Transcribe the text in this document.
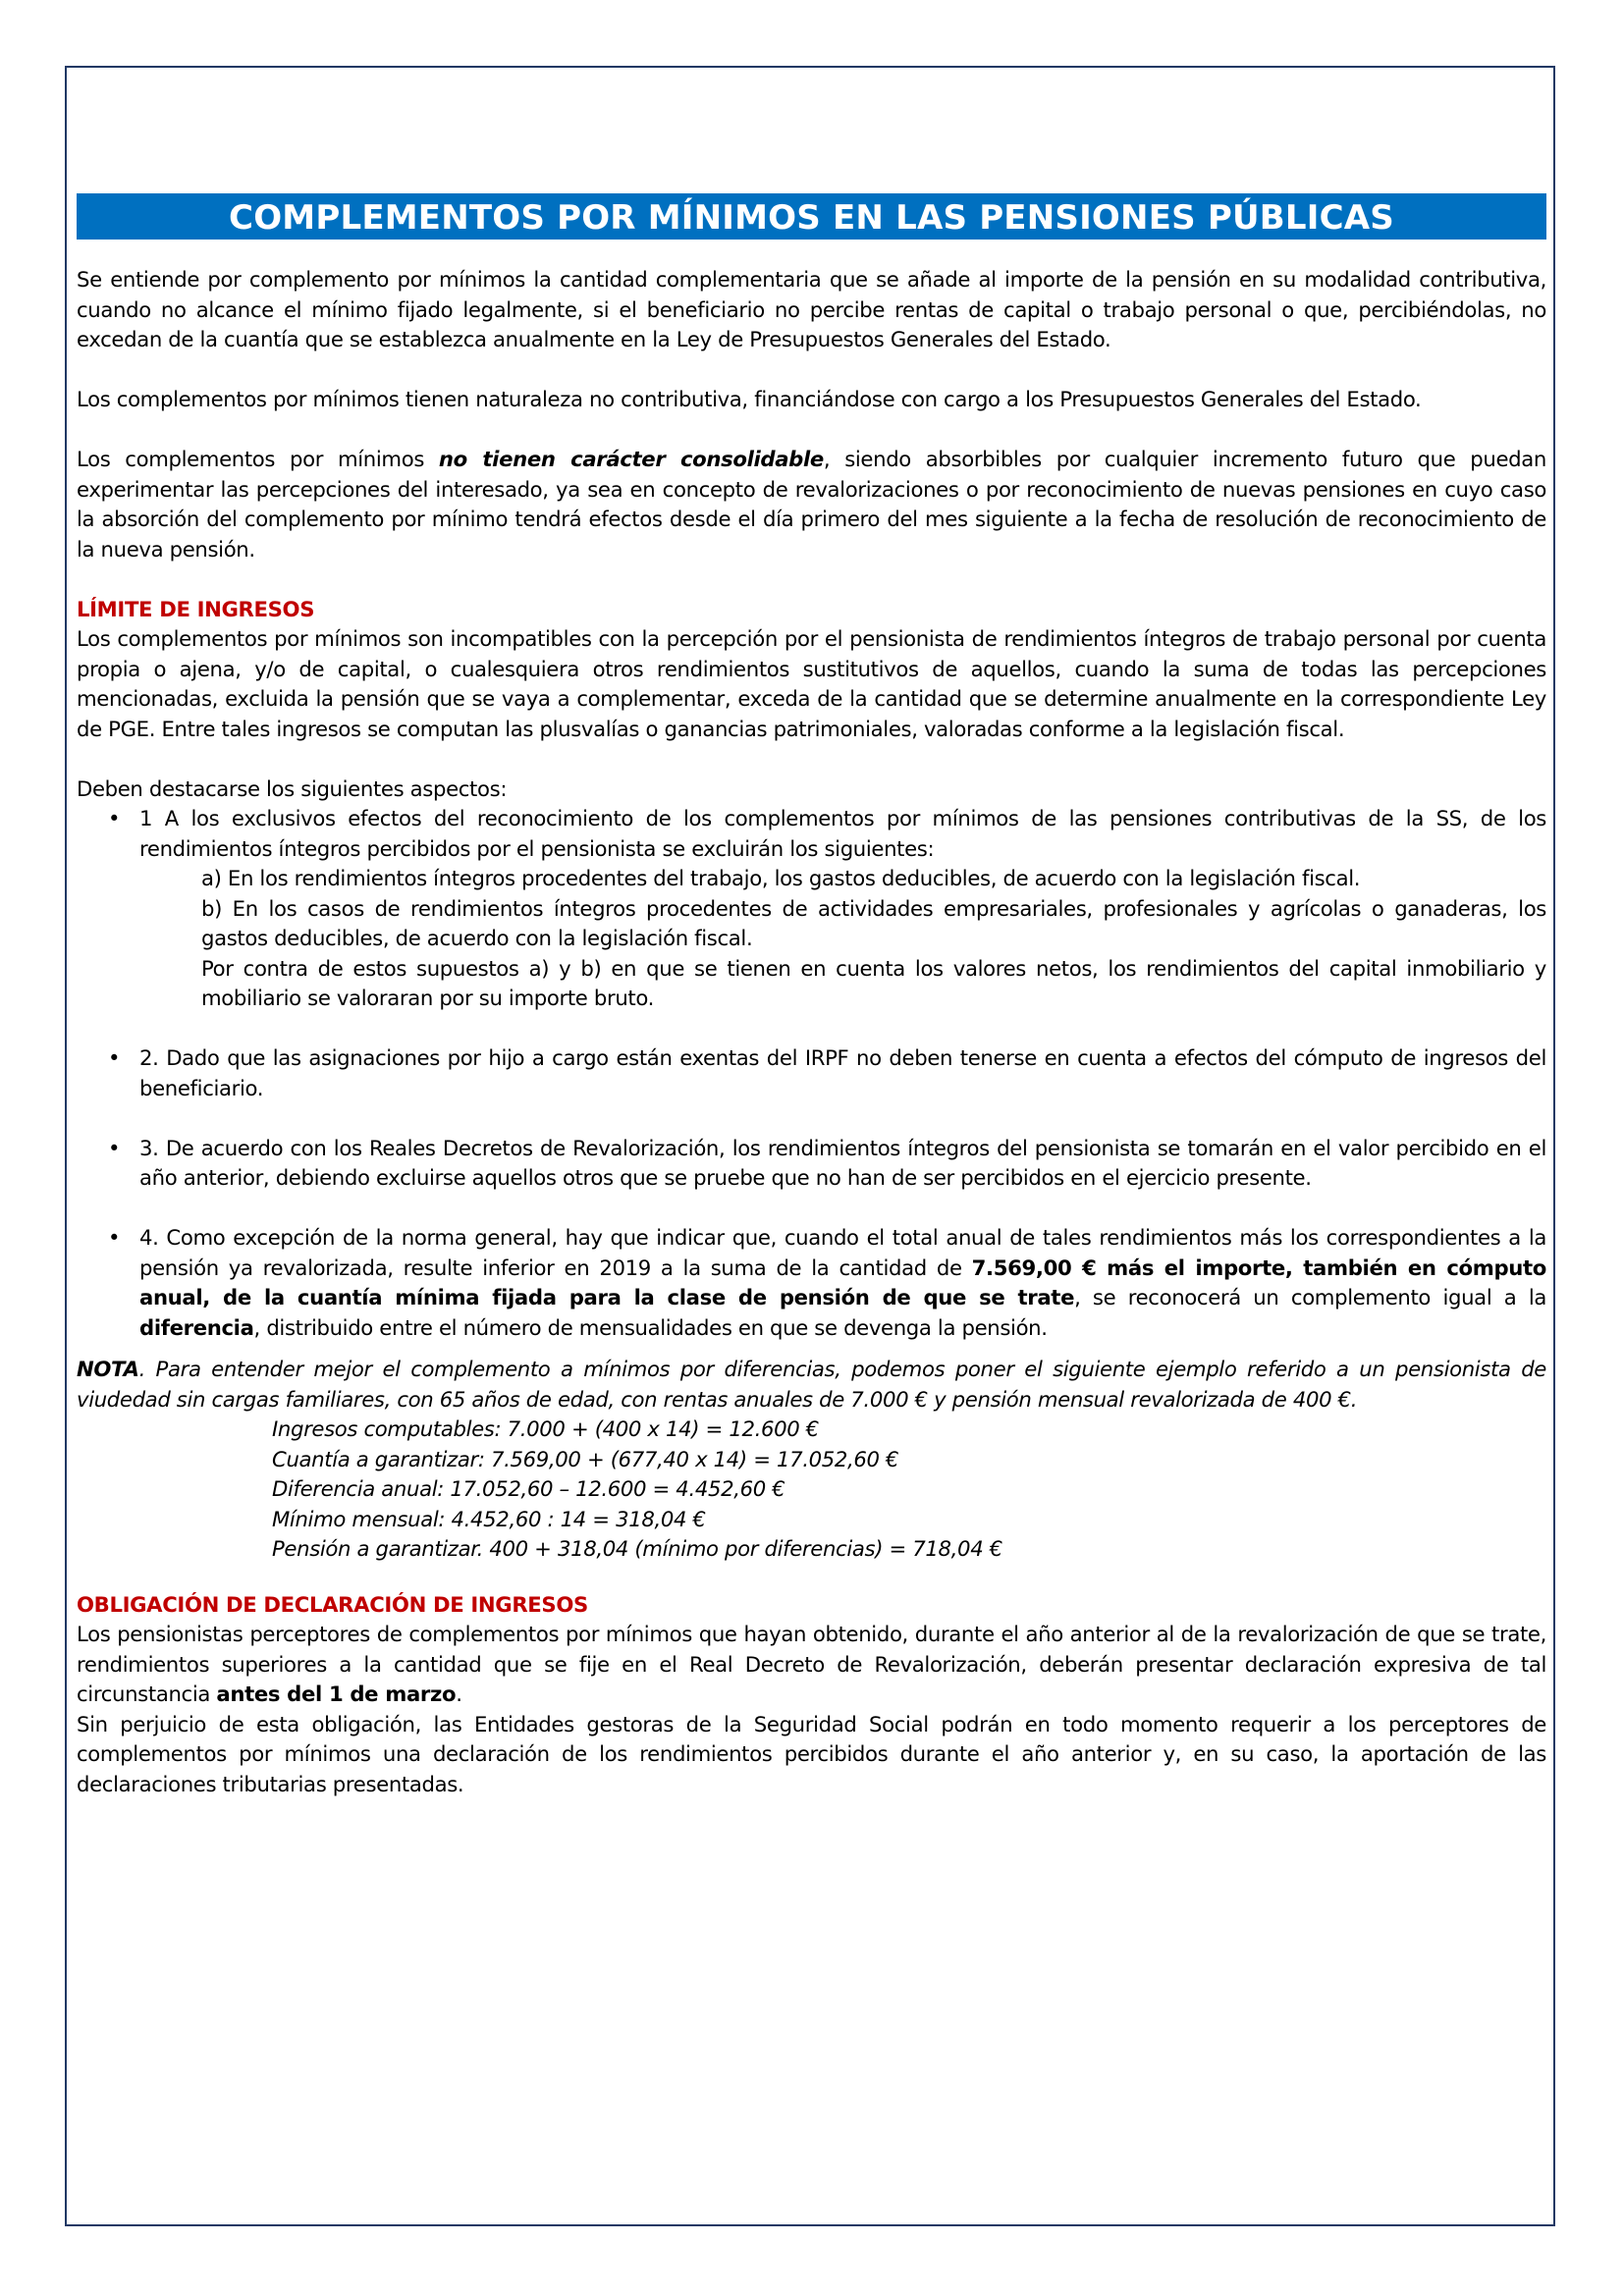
COMPLEMENTOS POR MÍNIMOS EN LAS PENSIONES PÚBLICAS

Se entiende por complemento por mínimos la cantidad complementaria que se añade al importe de la pensión en su modalidad contributiva, cuando no alcance el mínimo fijado legalmente, si el beneficiario no percibe rentas de capital o trabajo personal o que, percibiéndolas, no excedan de la cuantía que se establezca anualmente en la Ley de Presupuestos Generales del Estado.

Los complementos por mínimos tienen naturaleza no contributiva, financiándose con cargo a los Presupuestos Generales del Estado.

Los complementos por mínimos no tienen carácter consolidable, siendo absorbibles por cualquier incremento futuro que puedan experimentar las percepciones del interesado, ya sea en concepto de revalorizaciones o por reconocimiento de nuevas pensiones en cuyo caso la absorción del complemento por mínimo tendrá efectos desde el día primero del mes siguiente a la fecha de resolución de reconocimiento de la nueva pensión.

LÍMITE DE INGRESOS

Los complementos por mínimos son incompatibles con la percepción por el pensionista de rendimientos íntegros de trabajo personal por cuenta propia o ajena, y/o de capital, o cualesquiera otros rendimientos sustitutivos de aquellos, cuando la suma de todas las percepciones mencionadas, excluida la pensión que se vaya a complementar, exceda de la cantidad que se determine anualmente en la correspondiente Ley de PGE. Entre tales ingresos se computan las plusvalías o ganancias patrimoniales, valoradas conforme a la legislación fiscal.

Deben destacarse los siguientes aspectos:
• 1 A los exclusivos efectos del reconocimiento de los complementos por mínimos de las pensiones contributivas de la SS, de los rendimientos íntegros percibidos por el pensionista se excluirán los siguientes:
a) En los rendimientos íntegros procedentes del trabajo, los gastos deducibles, de acuerdo con la legislación fiscal.
b) En los casos de rendimientos íntegros procedentes de actividades empresariales, profesionales y agrícolas o ganaderas, los gastos deducibles, de acuerdo con la legislación fiscal.
Por contra de estos supuestos a) y b) en que se tienen en cuenta los valores netos, los rendimientos del capital inmobiliario y mobiliario se valoraran por su importe bruto.
• 2. Dado que las asignaciones por hijo a cargo están exentas del IRPF no deben tenerse en cuenta a efectos del cómputo de ingresos del beneficiario.
• 3. De acuerdo con los Reales Decretos de Revalorización, los rendimientos íntegros del pensionista se tomarán en el valor percibido en el año anterior, debiendo excluirse aquellos otros que se pruebe que no han de ser percibidos en el ejercicio presente.
• 4. Como excepción de la norma general, hay que indicar que, cuando el total anual de tales rendimientos más los correspondientes a la pensión ya revalorizada, resulte inferior en 2019 a la suma de la cantidad de 7.569,00 € más el importe, también en cómputo anual, de la cuantía mínima fijada para la clase de pensión de que se trate, se reconocerá un complemento igual a la diferencia, distribuido entre el número de mensualidades en que se devenga la pensión.

NOTA. Para entender mejor el complemento a mínimos por diferencias, podemos poner el siguiente ejemplo referido a un pensionista de viudedad sin cargas familiares, con 65 años de edad, con rentas anuales de 7.000 € y pensión mensual revalorizada de 400 €.

Ingresos computables: 7.000 + (400 x 14) = 12.600 €
Cuantía a garantizar: 7.569,00 + (677,40 x 14) = 17.052,60 €
Diferencia anual: 17.052,60 – 12.600 = 4.452,60 €
Mínimo mensual: 4.452,60 : 14 = 318,04 €
Pensión a garantizar. 400 + 318,04 (mínimo por diferencias) = 718,04 €
OBLIGACIÓN DE DECLARACIÓN DE INGRESOS

Los pensionistas perceptores de complementos por mínimos que hayan obtenido, durante el año anterior al de la revalorización de que se trate, rendimientos superiores a la cantidad que se fije en el Real Decreto de Revalorización, deberán presentar declaración expresiva de tal circunstancia antes del 1 de marzo.

Sin perjuicio de esta obligación, las Entidades gestoras de la Seguridad Social podrán en todo momento requerir a los perceptores de complementos por mínimos una declaración de los rendimientos percibidos durante el año anterior y, en su caso, la aportación de las declaraciones tributarias presentadas.
